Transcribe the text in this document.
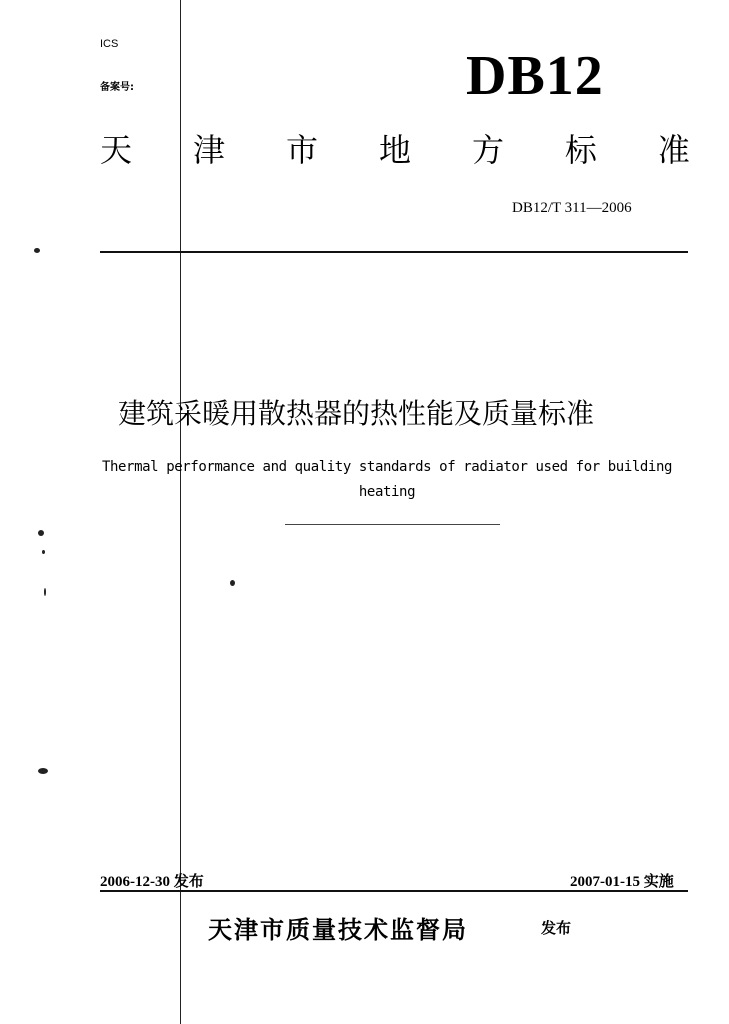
ICS
备案号:	DB12
天 津 市 地 方 标 准
DB12/T 311—2006
建筑采暖用散热器的热性能及质量标准
Thermal performance and quality standards of radiator used for building
heating
2006-12-30 发布	2007-01-15 实施
天津市质量技术监督局	发布
